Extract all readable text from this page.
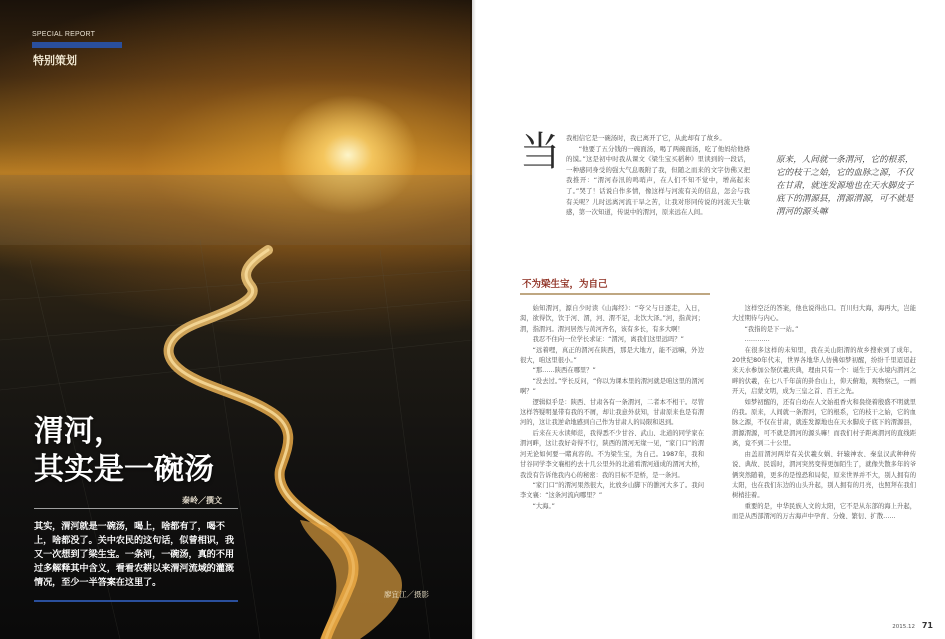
SPECIAL REPORT
特别策划
渭河，
其实是一碗汤
秦岭／撰文
其实，渭河就是一碗汤，喝上，啥都有了，喝不上，啥都没了。关中农民的这句话，似曾相识，我又一次想到了梁生宝。一条河，一碗汤，真的不用过多解释其中含义，看看农耕以来渭河流域的灌溉情况，至少一半答案在这里了。
廖宜江／摄影
当 我相信它是一碗汤时，我已离开了它，从此却有了故乡。

“他要了五分钱的一碗面汤，喝了两碗面汤，吃了他妈给他烙的馍。”这是初中时我从课文《梁生宝买稻种》里读到的一段话，一种感同身受的强大气息吸附了我，但随之而来的文字仿佛又把我推开：“渭河春汛的鸣哨声，在人们不知不觉中，增高起来了。”哭了！话说自作多情，像这样与河流有关的信息，怎会与我有关呢？儿时远离河流干旱之苦，让我对形同传说的河流天生敏感，第一次知道，传说中的渭河，原来远在人间。

原来，人间就一条渭河，它的根系，它的枝干之始，它的血脉之源，不仅在甘肃，就连发源地也在天水脚皮子底下的渭源县，渭源渭源，可不就是渭河的源头嘛
不为梁生宝，为自己

始知渭河，源自少时读《山海经》：“夸父与日逐走，入日，渴，欲得饮，饮于河、渭，河、渭不足，北饮大泽。”河，指黄河；渭，指渭河。渭河居然与黄河齐名，该有多长，有多大啊！

我忍不住向一位学长求证：“渭河，离我们这里远吗？”

“远着哩，真正的渭河在陕西，那是大地方，能不远嘛，外边很大，咱这里很小。”

“那……陕西在哪里？”

“没去过。”学长反问，“你以为课本里的渭河就是咱这里的渭河啊？”

逻辑似乎是：陕西、甘肃各有一条渭河，二者本不相干。尽管这样答疑明显带有我的不屑，却让我意外获知，甘肃原来也是有渭河的，这让我逆命地感到自己作为甘肃人的局限和迟到。

后来在天水读师范，我得悉不少甘谷、武山、北道的同学家在渭河畔，这让我好奇得不行，陕西的渭河无缘一见，“家门口”的渭河无论如何要一睹真容的。不为梁生宝，为自己。1987年，我和甘谷同学李文襄相约去十几公里外的北道看渭河通成的渭河大桥，我没有告诉他我内心的秘密：我的目标不是桥，是一条河。

“家门口”的渭河果然很大，比放乡山脚下的雒河大多了。我问李文襄：“这条河流向哪里？”

“大海。”

这样空泛的答案，他也说得出口。百川归大海，海再大，岂能大过期待与内心。

“我指的是下一站。”

…………

在很多这样的未知里，我在关山阳渭的故乡搜索到了成年。20世纪80年代末，世界各地华人仿佛如梦初醒，纷纷千里迢迢赶来天水参加公祭伏羲庆典，理由只有一个：诞生于天水境内渭河之畔的伏羲，在七八千年前的卦台山上，仰天俯地，观物察己，一画开天，启蒙文明，成为三皇之首、百王之先。

如梦初醒的，还有自幼在人文始祖香火和裊绕着殷盛不明就里的我。原来，人间就一条渭河，它的根系，它的枝干之始，它的血脉之源，不仅在甘肃，就连发源地也在天水脚皮子底下的渭源县，渭源渭源，可不就是渭河的源头嘛！而我们村子距离渭河的直线距离，竟不到二十公里。

由盖眉渭河两岸有关伏羲女娲、轩辕神农、秦皇汉武种种传说、典故、民谣时，渭河突然变得更加陌生了，就像失散多年的爷俩突然随着，更多的是惶恐和局促，原来世界并不大，别人拥有的太阳，也在我们东边的山头升起，别人拥有的月亮，也照拜在我们树梢挂着。

重要的是，中华民族人文的太阳，它不是从东部的海上升起，而是从西部渭河的万古海声中孕育、分娩、繁衍、扩散……

2015.12 71
